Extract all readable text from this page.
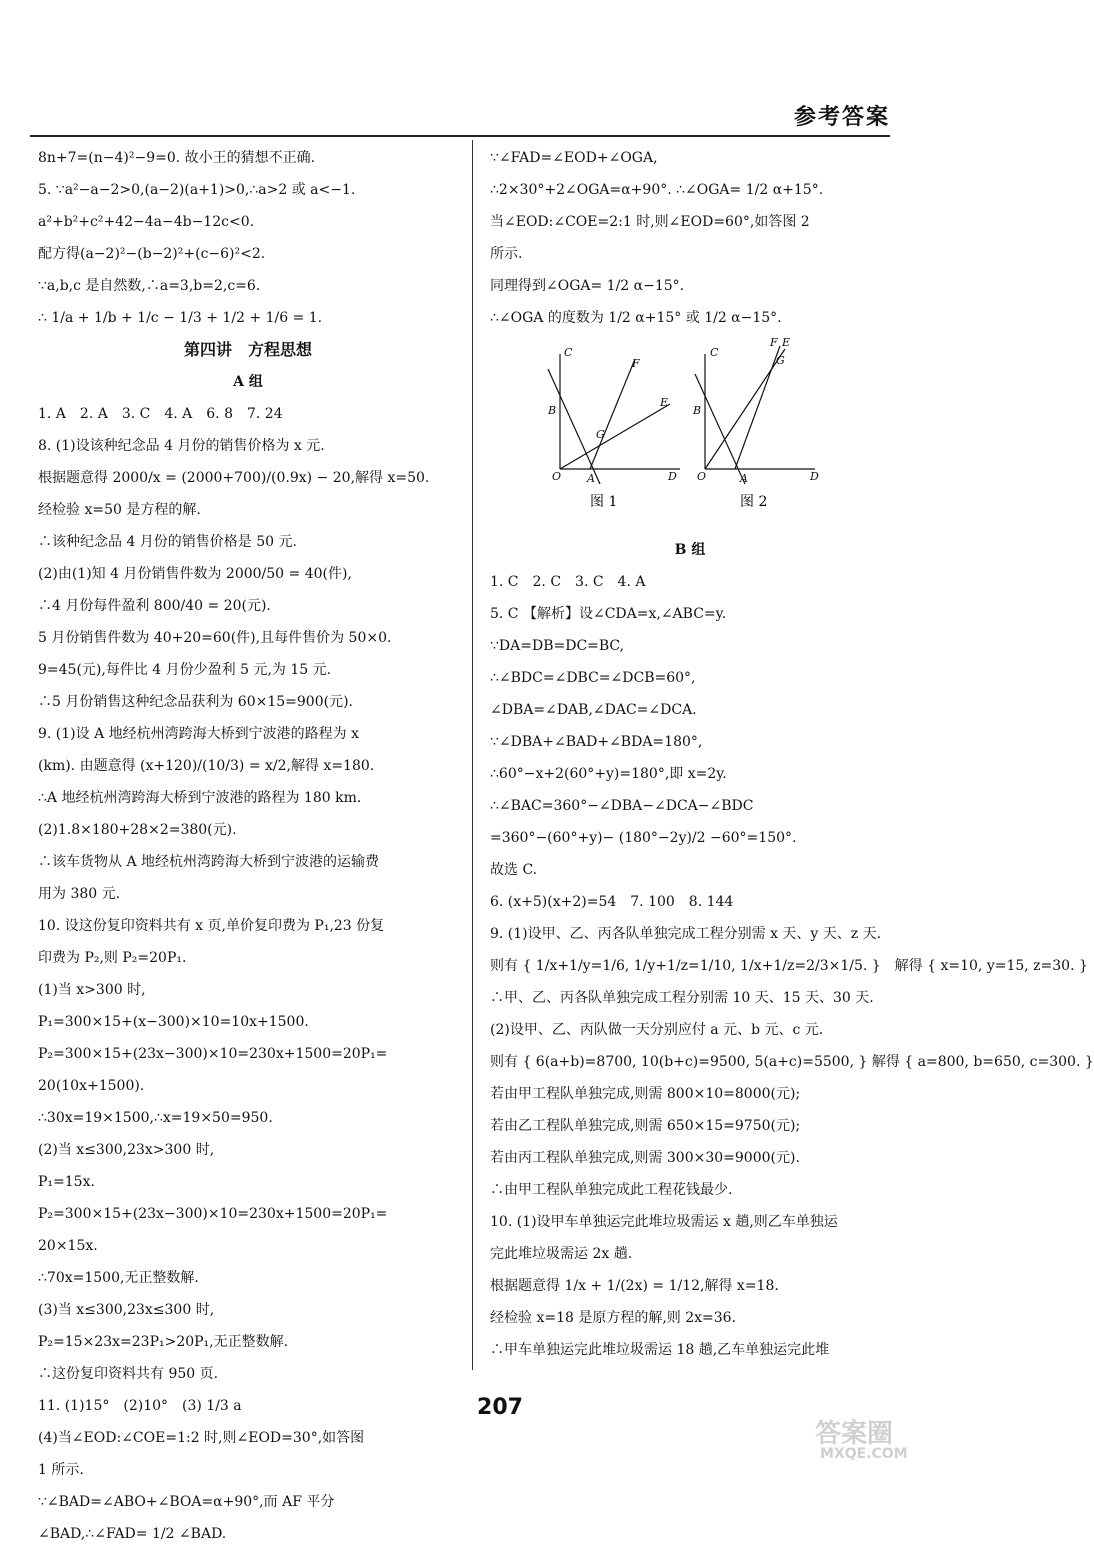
参考答案
8n+7=(n−4)²−9=0. 故小王的猜想不正确.
5. ∵a²−a−2>0,(a−2)(a+1)>0,∴a>2 或 a<−1.
a²+b²+c²+42−4a−4b−12c<0.
配方得(a−2)²−(b−2)²+(c−6)²<2.
∵a,b,c 是自然数,∴a=3,b=2,c=6.
∴ 1/a + 1/b + 1/c − 1/3 + 1/2 + 1/6 = 1.
第四讲　方程思想
A 组
1. A　2. A　3. C　4. A　6. 8　7. 24
8. (1)设该种纪念品 4 月份的销售价格为 x 元.
根据题意得 2000/x = (2000+700)/(0.9x) − 20,解得 x=50.
经检验 x=50 是方程的解.
∴该种纪念品 4 月份的销售价格是 50 元.
(2)由(1)知 4 月份销售件数为 2000/50 = 40(件),
∴4 月份每件盈利 800/40 = 20(元).
5 月份销售件数为 40+20=60(件),且每件售价为 50×0.
9=45(元),每件比 4 月份少盈利 5 元,为 15 元.
∴5 月份销售这种纪念品获利为 60×15=900(元).
9. (1)设 A 地经杭州湾跨海大桥到宁波港的路程为 x
(km). 由题意得 (x+120)/(10/3) = x/2,解得 x=180.
∴A 地经杭州湾跨海大桥到宁波港的路程为 180 km.
(2)1.8×180+28×2=380(元).
∴该车货物从 A 地经杭州湾跨海大桥到宁波港的运输费
用为 380 元.
10. 设这份复印资料共有 x 页,单价复印费为 P₁,23 份复
印费为 P₂,则 P₂=20P₁.
(1)当 x>300 时,
P₁=300×15+(x−300)×10=10x+1500.
P₂=300×15+(23x−300)×10=230x+1500=20P₁=
20(10x+1500).
∴30x=19×1500,∴x=19×50=950.
(2)当 x≤300,23x>300 时,
P₁=15x.
P₂=300×15+(23x−300)×10=230x+1500=20P₁=
20×15x.
∴70x=1500,无正整数解.
(3)当 x≤300,23x≤300 时,
P₂=15×23x=23P₁>20P₁,无正整数解.
∴这份复印资料共有 950 页.
11. (1)15°　(2)10°　(3) 1/3 a
(4)当∠EOD:∠COE=1:2 时,则∠EOD=30°,如答图
1 所示.
∵∠BAD=∠ABO+∠BOA=α+90°,而 AF 平分
∠BAD,∴∠FAD= 1/2 ∠BAD.
∵∠FAD=∠EOD+∠OGA,
∴2×30°+2∠OGA=α+90°. ∴∠OGA= 1/2 α+15°.
当∠EOD:∠COE=2:1 时,则∠EOD=60°,如答图 2
所示.
同理得到∠OGA= 1/2 α−15°.
∴∠OGA 的度数为 1/2 α+15° 或 1/2 α−15°.
C
B
O A	D
F
E
G
图 1
C
B
O	A	D
F E
G
图 2
B 组
1. C　2. C　3. C　4. A
5. C 【解析】设∠CDA=x,∠ABC=y.
∵DA=DB=DC=BC,
∴∠BDC=∠DBC=∠DCB=60°,
∠DBA=∠DAB,∠DAC=∠DCA.
∵∠DBA+∠BAD+∠BDA=180°,
∴60°−x+2(60°+y)=180°,即 x=2y.
∴∠BAC=360°−∠DBA−∠DCA−∠BDC
=360°−(60°+y)− (180°−2y)/2 −60°=150°.
故选 C.
6. (x+5)(x+2)=54　7. 100　8. 144
9. (1)设甲、乙、丙各队单独完成工程分别需 x 天、y 天、z 天.
则有 { 1/x+1/y=1/6, 1/y+1/z=1/10, 1/x+1/z=2/3×1/5. }　解得 { x=10, y=15, z=30. }
∴甲、乙、丙各队单独完成工程分别需 10 天、15 天、30 天.
(2)设甲、乙、丙队做一天分别应付 a 元、b 元、c 元.
则有 { 6(a+b)=8700, 10(b+c)=9500, 5(a+c)=5500, } 解得 { a=800, b=650, c=300. }
若由甲工程队单独完成,则需 800×10=8000(元);
若由乙工程队单独完成,则需 650×15=9750(元);
若由丙工程队单独完成,则需 300×30=9000(元).
∴由甲工程队单独完成此工程花钱最少.
10. (1)设甲车单独运完此堆垃圾需运 x 趟,则乙车单独运
完此堆垃圾需运 2x 趟.
根据题意得 1/x + 1/(2x) = 1/12,解得 x=18.
经检验 x=18 是原方程的解,则 2x=36.
∴甲车单独运完此堆垃圾需运 18 趟,乙车单独运完此堆
207
答案圈
MXQE.COM
